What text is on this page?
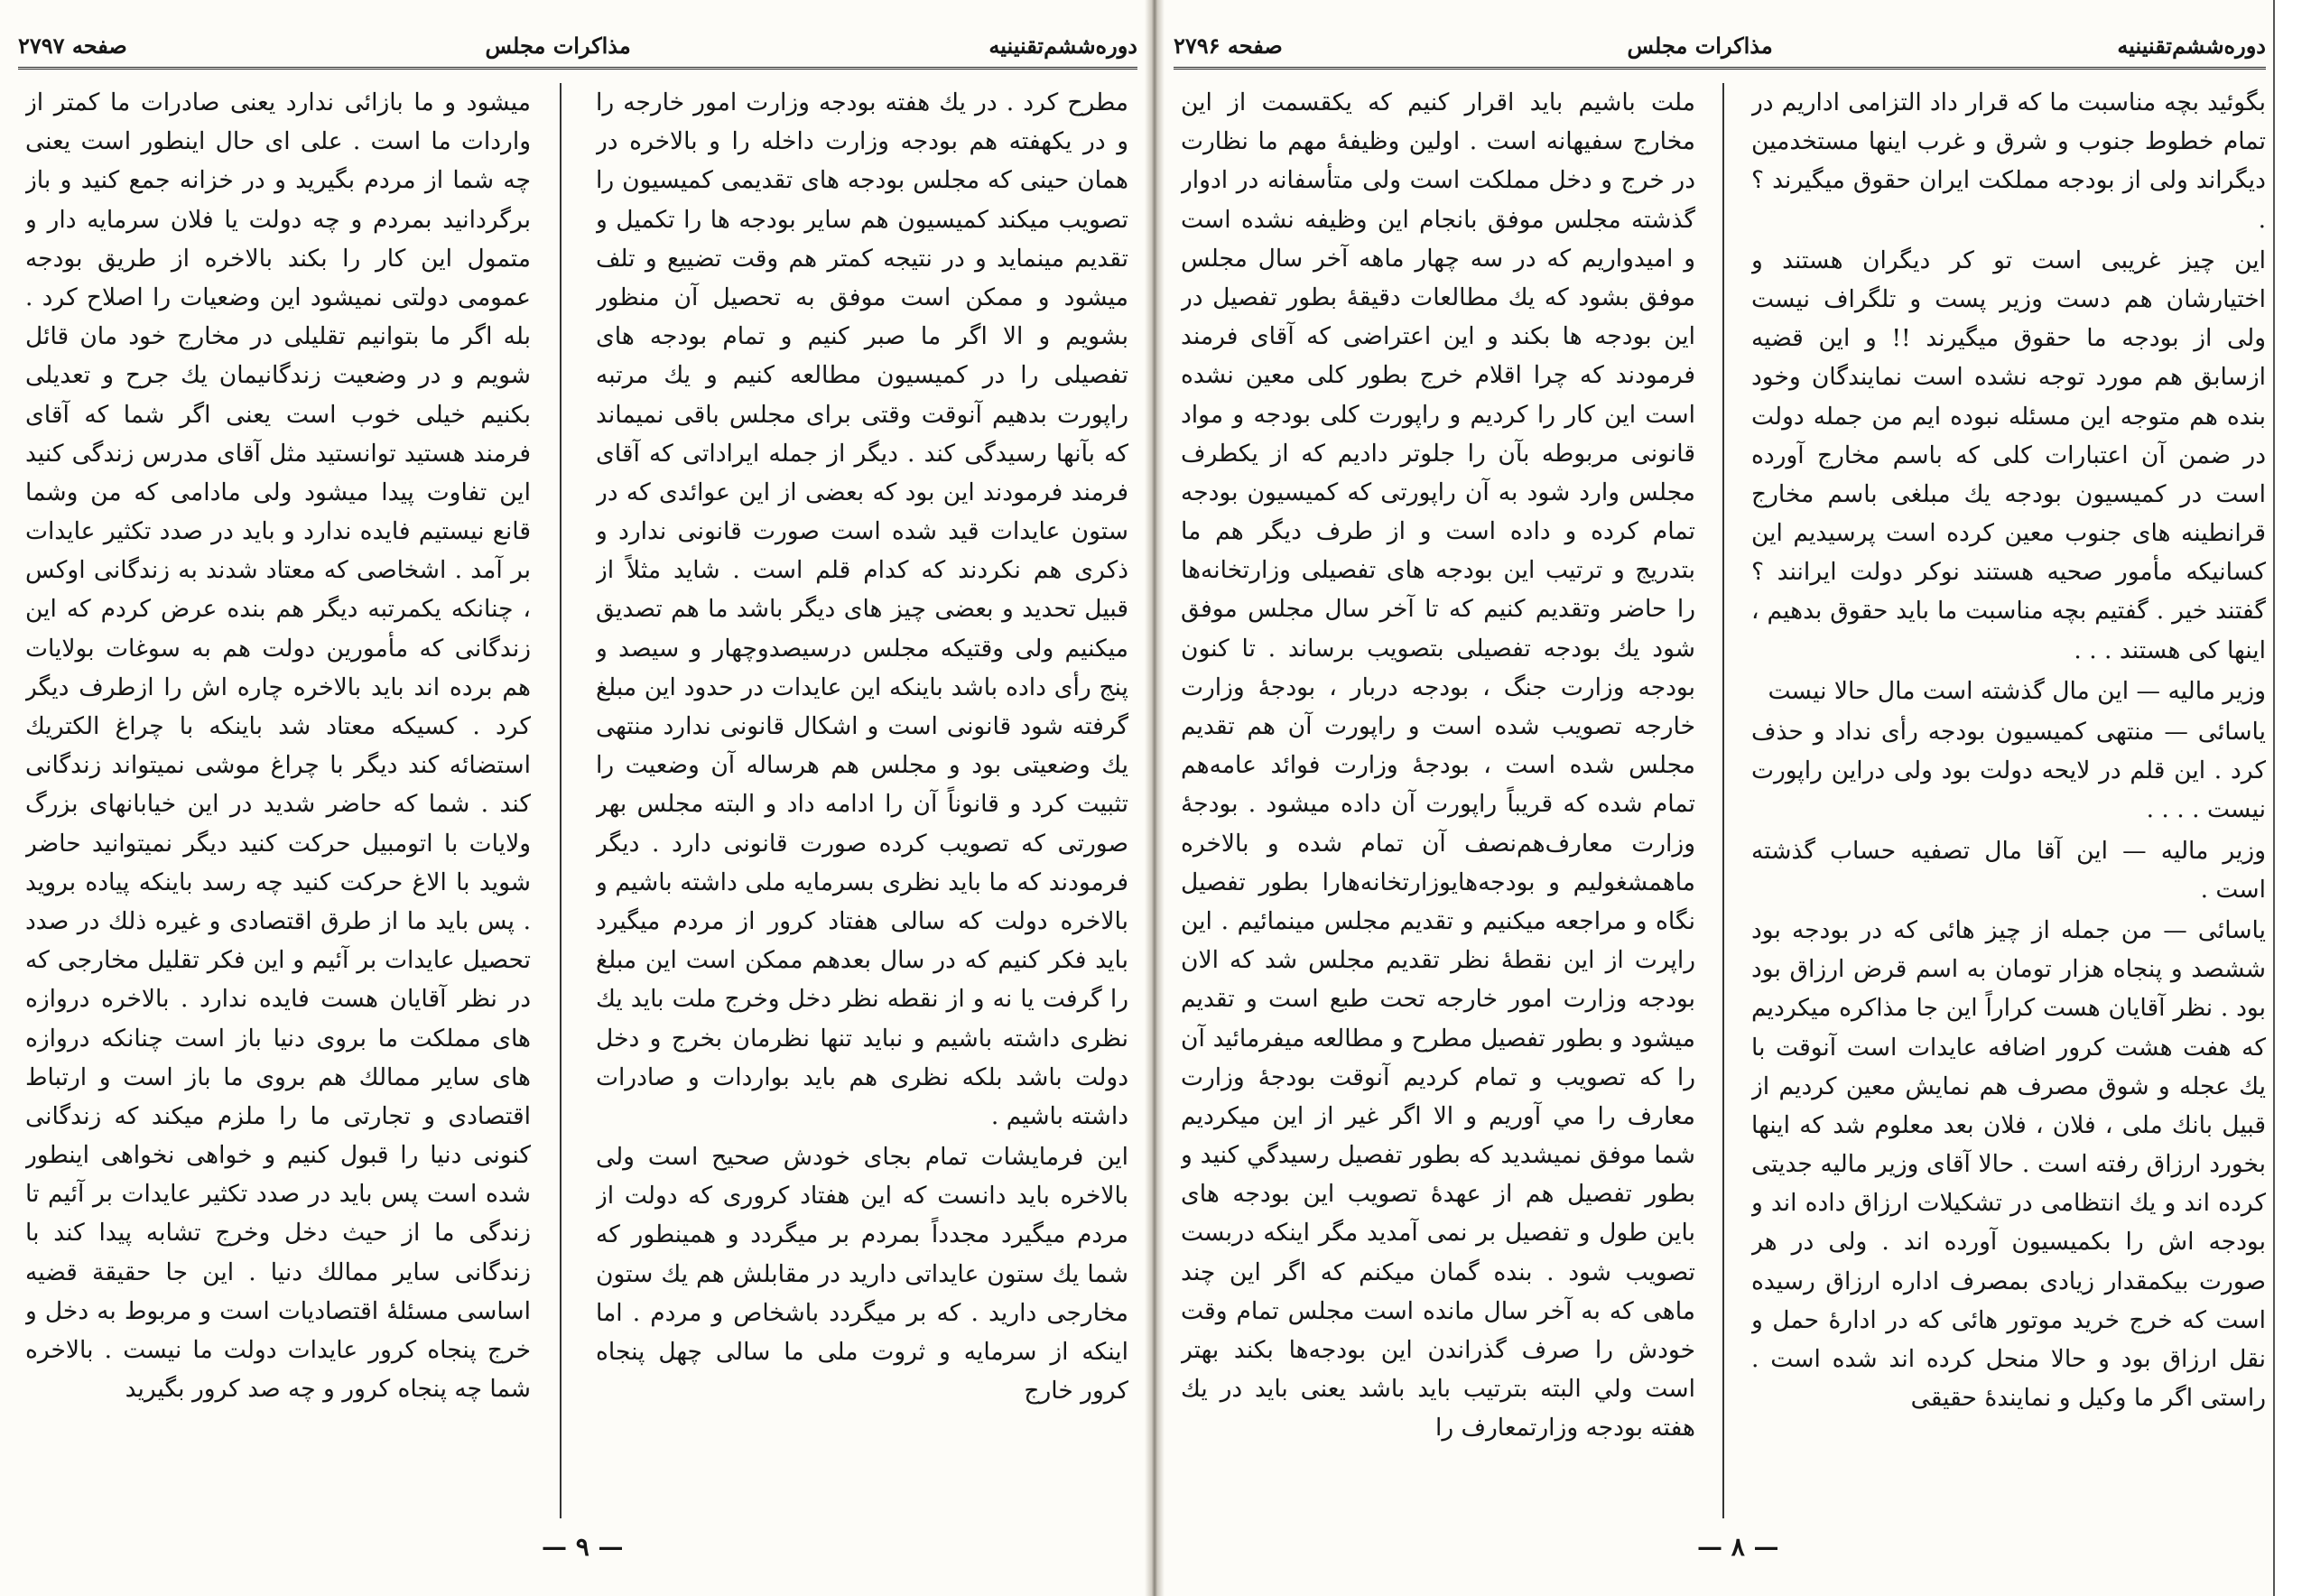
دوره‌ششم‌تقنینیه
مذاکرات مجلس
صفحه ۲۷۹۷

مطرح کرد . در یك هفته بودجه وزارت امور خارجه را و در یکهفته هم بودجه وزارت داخله را و بالاخره در همان حینی که مجلس بودجه های تقدیمی کمیسیون را تصویب میکند کمیسیون هم سایر بودجه ها را تکمیل و تقدیم مینماید و در نتیجه کمتر هم وقت تضییع و تلف میشود و ممکن است موفق به تحصیل آن منظور بشویم و الا اگر ما صبر کنیم و تمام بودجه های تفصیلی را در کمیسیون مطالعه کنیم و یك مرتبه راپورت بدهیم آنوقت وقتی برای مجلس باقی نمیماند که بآنها رسیدگی کند . دیگر از جمله ایراداتی که آقای فرمند فرمودند این بود که بعضی از این عوائدی که در ستون عایدات قید شده است صورت قانونی ندارد و ذکری هم نکردند که کدام قلم است . شاید مثلاً از قبیل تحدید و بعضی چیز های دیگر باشد ما هم تصدیق میکنیم ولی وقتیکه مجلس درسیصدوچهار و سیصد و پنج رأی داده باشد باینکه این عایدات در حدود این مبلغ گرفته شود قانونی است و اشکال قانونی ندارد منتهی یك وضعیتی بود و مجلس هم هرساله آن وضعیت را تثبیت کرد و قانوناً آن را ادامه داد و البته مجلس بهر صورتی که تصویب کرده صورت قانونی دارد . دیگر فرمودند که ما باید نظری بسرمایه ملی داشته باشیم و بالاخره دولت که سالی هفتاد کرور از مردم میگیرد باید فکر کنیم که در سال بعدهم ممکن است این مبلغ را گرفت یا نه و از نقطه نظر دخل وخرج ملت باید یك نظری داشته باشیم و نباید تنها نظرمان بخرج و دخل دولت باشد بلکه نظری هم باید بواردات و صادرات داشته باشیم .

این فرمایشات تمام بجای خودش صحیح است ولی بالاخره باید دانست که این هفتاد کروری که دولت از مردم میگیرد مجدداً بمردم بر میگردد و همینطور که شما یك ستون عایداتی دارید در مقابلش هم یك ستون مخارجی دارید . که بر میگردد باشخاص و مردم . اما اینکه از سرمایه و ثروت ملی ما سالی چهل پنجاه کرور خارج

میشود و ما بازائی ندارد یعنی صادرات ما کمتر از واردات ما است . علی ای حال اینطور است یعنی چه شما از مردم بگیرید و در خزانه جمع کنید و باز برگردانید بمردم و چه دولت یا فلان سرمایه دار و متمول این کار را بکند بالاخره از طریق بودجه عمومی دولتی نمیشود این وضعیات را اصلاح کرد . بله اگر ما بتوانیم تقلیلی در مخارج خود مان قائل شویم و در وضعیت زندگانیمان یك جرح و تعدیلی بکنیم خیلی خوب است یعنی اگر شما که آقای فرمند هستید توانستید مثل آقای مدرس زندگی کنید این تفاوت پیدا میشود ولی مادامی که من وشما قانع نیستیم فایده ندارد و باید در صدد تکثیر عایدات بر آمد . اشخاصی که معتاد شدند به زندگانی اوکس ، چنانکه یکمرتبه دیگر هم بنده عرض کردم که این زندگانی که مأمورین دولت هم به سوغات بولایات هم برده اند باید بالاخره چاره اش را ازطرف دیگر کرد . کسیکه معتاد شد باینکه با چراغ الکتریك استضائه کند دیگر با چراغ موشی نمیتواند زندگانی کند . شما که حاضر شدید در این خیابانهای بزرگ ولایات با اتومبیل حرکت کنید دیگر نمیتوانید حاضر شوید با الاغ حرکت کنید چه رسد باینکه پیاده بروید . پس باید ما از طرق اقتصادی و غیره ذلك در صدد تحصیل عایدات بر آئیم و این فکر تقلیل مخارجی که در نظر آقایان هست فایده ندارد . بالاخره دروازه های مملکت ما بروی دنیا باز است چنانکه دروازه های سایر ممالك هم بروی ما باز است و ارتباط اقتصادی و تجارتی ما را ملزم میکند که زندگانی کنونی دنیا را قبول کنیم و خواهی نخواهی اینطور شده است پس باید در صدد تکثیر عایدات بر آئیم تا زندگی ما از حیث دخل وخرج تشابه پیدا کند با زندگانی سایر ممالك دنیا . این جا حقیقة قضیه اساسی مسئلهٔ اقتصادیات است و مربوط به دخل و خرج پنجاه کرور عایدات دولت ما نیست . بالاخره شما چه پنجاه کرور و چه صد کرور بگیرید

— ۹ —
دوره‌ششم‌تقنینیه
مذاکرات مجلس
صفحه ۲۷۹۶

بگوئید بچه مناسبت ما که قرار داد التزامی اداریم در تمام خطوط جنوب و شرق و غرب اینها مستخدمین دیگراند ولی از بودجه مملکت ایران حقوق میگیرند ؟ .

این چیز غریبی است تو کر دیگران هستند و اختیارشان هم دست وزیر پست و تلگراف نیست ولی از بودجه ما حقوق میگیرند !! و این قضیه ازسابق هم مورد توجه نشده است نمایندگان وخود بنده هم متوجه این مسئله نبوده ایم من جمله دولت در ضمن آن اعتبارات کلی که باسم مخارج آورده است در کمیسیون بودجه یك مبلغی باسم مخارج قرانطینه های جنوب معین کرده است پرسیدیم این کسانیکه مأمور صحیه هستند نوکر دولت ایرانند ؟ گفتند خیر . گفتیم بچه مناسبت ما باید حقوق بدهیم ، اینها کی هستند . . .

وزیر مالیه — این مال گذشته است مال حالا نیست

یاسائی — منتهی کمیسیون بودجه رأی نداد و حذف کرد . این قلم در لایحه دولت بود ولی دراین راپورت نیست . . . .

وزیر مالیه — این آقا مال تصفیه حساب گذشته است .

یاسائی — من جمله از چیز هائی که در بودجه بود ششصد و پنجاه هزار تومان به اسم قرض ارزاق بود بود . نظر آقایان هست کراراً این جا مذاکره میکردیم که هفت هشت کرور اضافه عایدات است آنوقت با یك عجله و شوق مصرف هم نمایش معین کردیم از قبیل بانك ملی ، فلان ، فلان بعد معلوم شد که اینها بخورد ارزاق رفته است . حالا آقای وزیر مالیه جدیتی کرده اند و یك انتظامی در تشکیلات ارزاق داده اند و بودجه اش را بکمیسیون آورده اند . ولی در هر صورت بیکمقدار زیادی بمصرف اداره ارزاق رسیده است که خرج خرید موتور هائی که در ادارهٔ حمل و نقل ارزاق بود و حالا منحل کرده اند شده است . راستی اگر ما وکیل و نمایندهٔ حقیقی

ملت باشیم باید اقرار کنیم که یکقسمت از این مخارج سفیهانه است . اولین وظیفهٔ مهم ما نظارت در خرج و دخل مملکت است ولی متأسفانه در ادوار گذشته مجلس موفق بانجام این وظیفه نشده است و امیدواریم که در سه چهار ماهه آخر سال مجلس موفق بشود که یك مطالعات دقیقهٔ بطور تفصیل در این بودجه ها بکند و این اعتراضی که آقای فرمند فرمودند که چرا اقلام خرج بطور کلی معین نشده است این کار را کردیم و راپورت کلی بودجه و مواد قانونی مربوطه بآن را جلوتر دادیم که از یکطرف مجلس وارد شود به آن راپورتی که کمیسیون بودجه تمام کرده و داده است و از طرف دیگر هم ما بتدریج و ترتیب این بودجه های تفصیلی وزارتخانه‌ها را حاضر وتقدیم کنیم که تا آخر سال مجلس موفق شود یك بودجه تفصیلی بتصویب برساند . تا کنون بودجه وزارت جنگ ، بودجه دربار ، بودجهٔ وزارت خارجه تصویب شده است و راپورت آن هم تقدیم مجلس شده است ، بودجهٔ وزارت فوائد عامه‌هم تمام شده که قریباً راپورت آن داده میشود . بودجهٔ وزارت معارف‌هم‌نصف آن تمام شده و بالاخره ماهمشغولیم و بودجه‌هایوزارتخانه‌هارا بطور تفصیل نگاه و مراجعه میکنیم و تقدیم مجلس مینمائیم . این راپرت از این نقطهٔ نظر تقدیم مجلس شد که الان بودجه وزارت امور خارجه تحت طبع است و تقدیم میشود و بطور تفصیل مطرح و مطالعه میفرمائید آن را که تصویب و تمام کردیم آنوقت بودجهٔ وزارت معارف را مي آوریم و الا اگر غیر از این میکردیم شما موفق نمیشدید که بطور تفصیل رسیدگي کنید و بطور تفصیل هم از عهدهٔ تصویب این بودجه های باین طول و تفصیل بر نمی آمدید مگر اینکه دربست تصویب شود . بنده گمان میکنم که اگر این چند ماهی که به آخر سال مانده است مجلس تمام وقت خودش را صرف گذراندن این بودجه‌ها بکند بهتر است ولي البته بترتیب باید باشد یعنی باید در یك هفته بودجه وزارتمعارف را

— ۸ —
